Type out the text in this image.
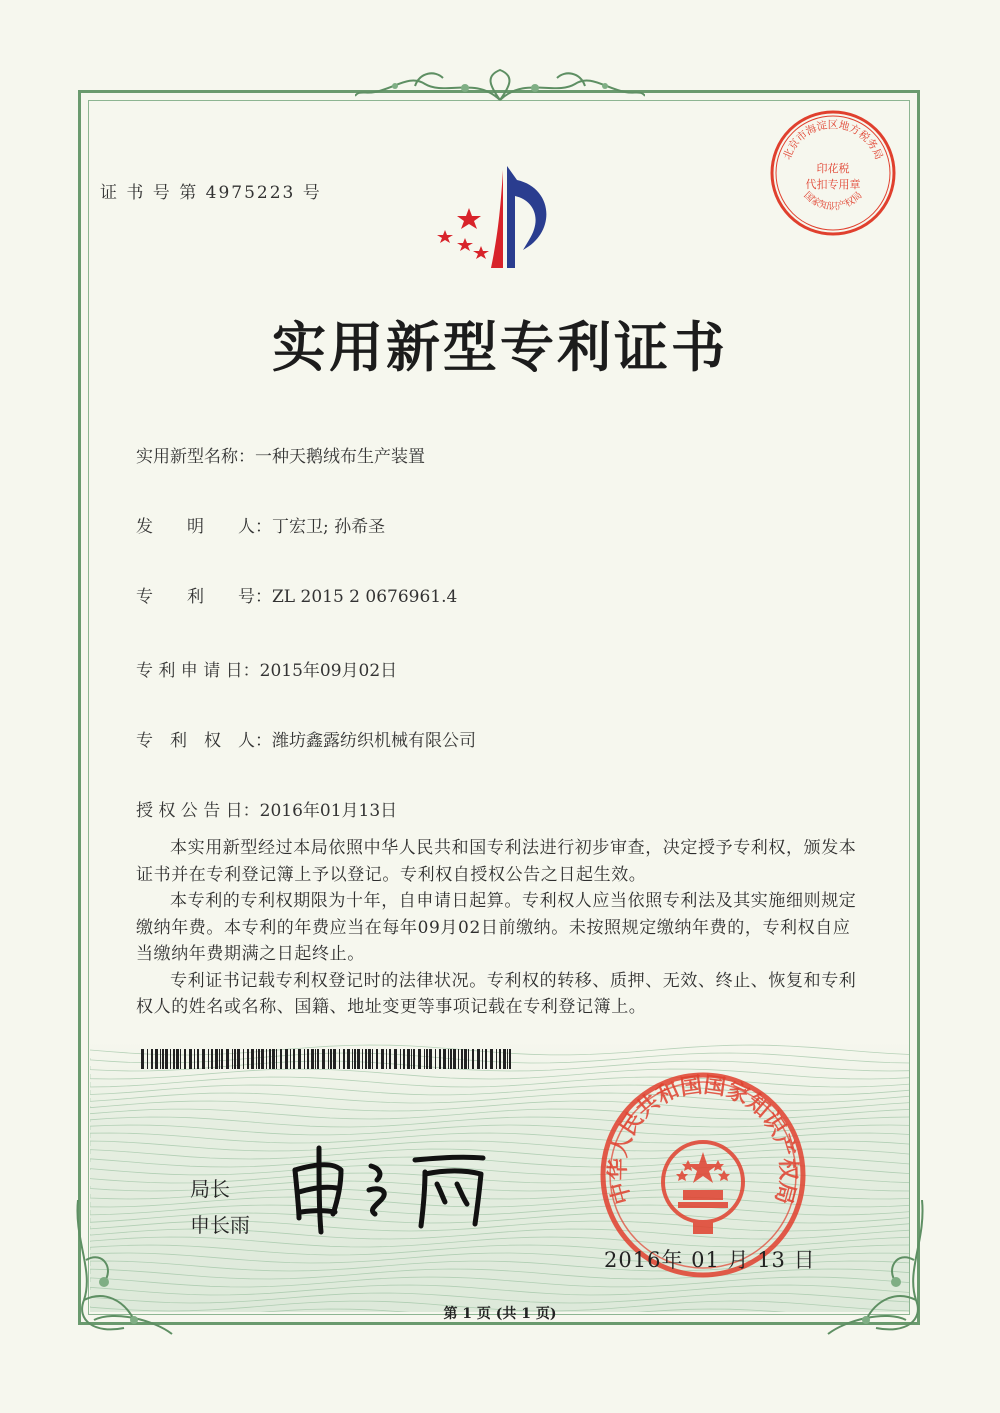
证 书 号 第 4975223 号
北京市海淀区地方税务局
国家知识产权局
印花税
代扣专用章
实用新型专利证书
实用新型名称：一种天鹅绒布生产装置
发　　明　　人：丁宏卫; 孙希圣
专　　利　　号：ZL 2015 2 0676961.4
专 利 申 请 日：2015年09月02日
专　利　权　人：潍坊鑫露纺织机械有限公司
授 权 公 告 日：2016年01月13日

本实用新型经过本局依照中华人民共和国专利法进行初步审查，决定授予专利权，颁发本证书并在专利登记簿上予以登记。专利权自授权公告之日起生效。

本专利的专利权期限为十年，自申请日起算。专利权人应当依照专利法及其实施细则规定缴纳年费。本专利的年费应当在每年09月02日前缴纳。未按照规定缴纳年费的，专利权自应当缴纳年费期满之日起终止。

专利证书记载专利权登记时的法律状况。专利权的转移、质押、无效、终止、恢复和专利权人的姓名或名称、国籍、地址变更等事项记载在专利登记簿上。

局长
申长雨
中华人民共和国国家知识产权局
2016年 01 月 13 日
第 1 页 (共 1 页)
